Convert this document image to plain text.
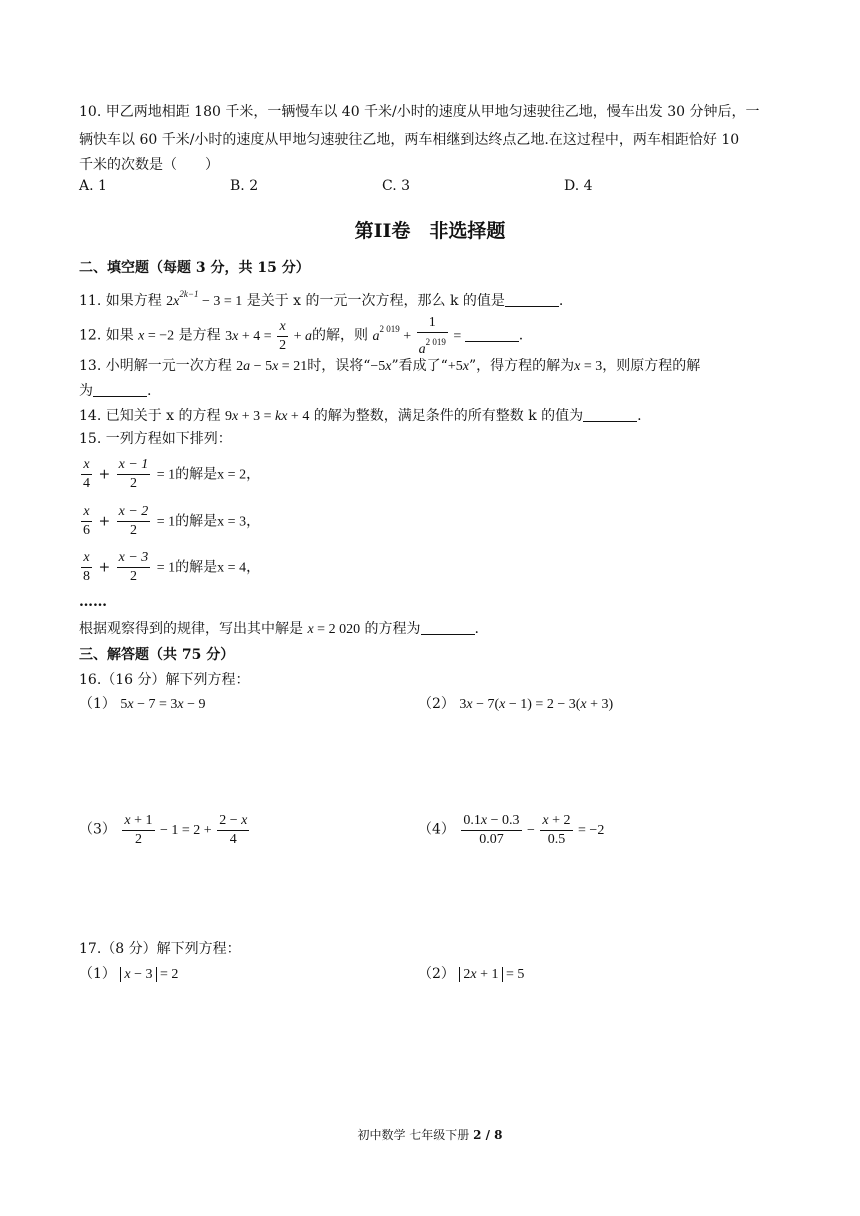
10. 甲乙两地相距 180 千米，一辆慢车以 40 千米/小时的速度从甲地匀速驶往乙地，慢车出发 30 分钟后，一
辆快车以 60 千米/小时的速度从甲地匀速驶往乙地，两车相继到达终点乙地.在这过程中，两车相距恰好 10
千米的次数是（　　）
A. 1	B. 2	C. 3	D. 4
第II卷　非选择题
二、填空题（每题 3 分，共 15 分）
11. 如果方程 $2x^{2k-1} - 3 = 1$ 是关于 x 的一元一次方程，那么 k 的值是	.
12. 如果 x = −2 是方程 $3x + 4 = \frac{x}{2} + a$的解，则 $a^{2 019} + \frac{1}{a^{2 019}}$ =	.
13. 小明解一元一次方程 2a − 5x = 21时，误将“−5x”看成了“+5x”，得方程的解为x = 3，则原方程的解
为	.
14. 已知关于 x 的方程 9x + 3 = kx + 4 的解为整数，满足条件的所有整数 k 的值为	.
15. 一列方程如下排列：
$\frac{x}{4} + \frac{x - 1}{2} = 1$的解是x = 2，
$\frac{x}{6} + \frac{x - 2}{2} = 1$的解是x = 3，
$\frac{x}{8} + \frac{x - 3}{2} = 1$的解是x = 4，
……
根据观察得到的规律，写出其中解是 x = 2 020 的方程为	.
三、解答题（共 75 分）
16.（16 分）解下列方程：
（1） 5x − 7 = 3x − 9	（2） 3x − 7(x − 1) = 2 − 3(x + 3)
$(3) \frac{x + 1}{2} - 1 = 2 + \frac{2 - x}{4}$	$(4) \frac{0.1x - 0.3}{0.07} - \frac{x + 2}{0.5} = -2$
17.（8 分）解下列方程：
（1） x − 3 = 2	（2） 2x + 1 = 5
初中数学 七年级下册 2 / 8
